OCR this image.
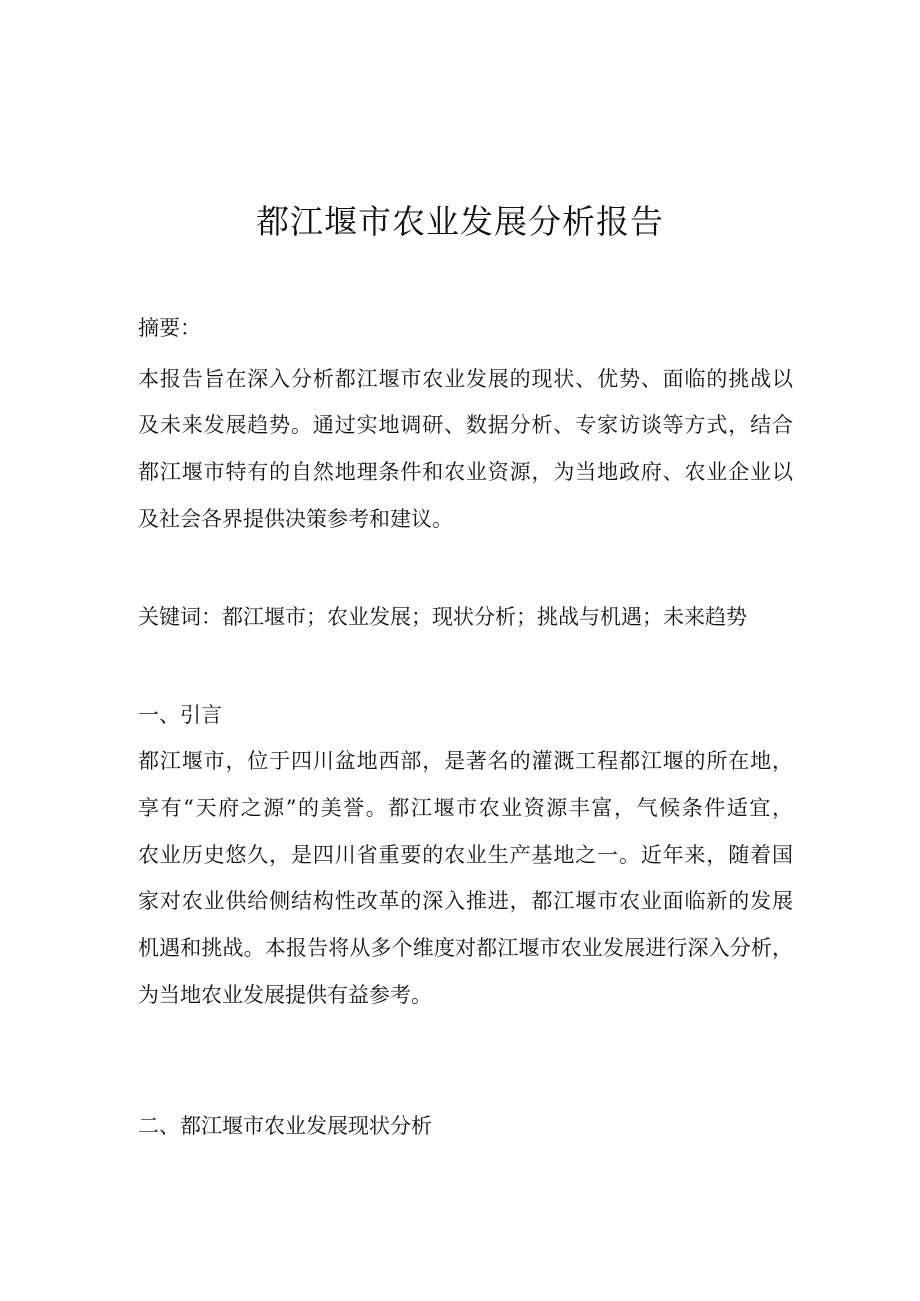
都江堰市农业发展分析报告

摘要：

本报告旨在深入分析都江堰市农业发展的现状、优势、面临的挑战以

及未来发展趋势。通过实地调研、数据分析、专家访谈等方式，结合

都江堰市特有的自然地理条件和农业资源，为当地政府、农业企业以

及社会各界提供决策参考和建议。

关键词：都江堰市；农业发展；现状分析；挑战与机遇；未来趋势

一、引言

都江堰市，位于四川盆地西部，是著名的灌溉工程都江堰的所在地，

享有“天府之源”的美誉。都江堰市农业资源丰富，气候条件适宜，

农业历史悠久，是四川省重要的农业生产基地之一。近年来，随着国

家对农业供给侧结构性改革的深入推进，都江堰市农业面临新的发展

机遇和挑战。本报告将从多个维度对都江堰市农业发展进行深入分析，

为当地农业发展提供有益参考。

二、都江堰市农业发展现状分析
